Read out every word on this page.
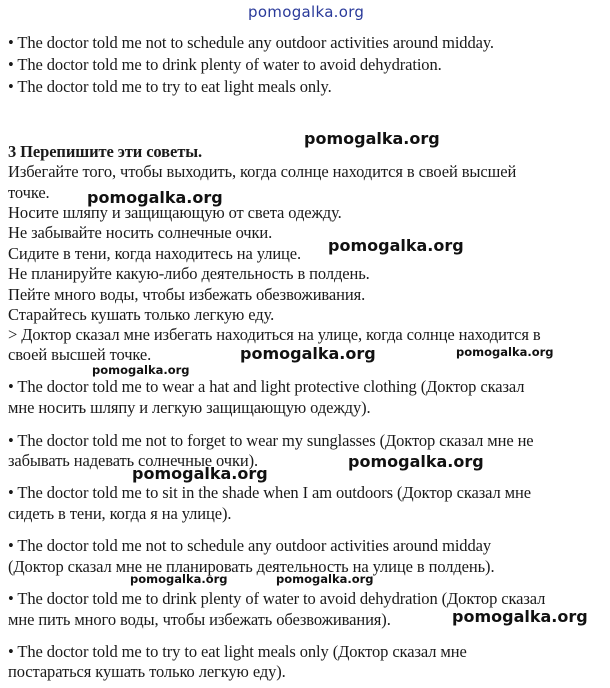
pomogalka.org
• The doctor told me not to schedule any outdoor activities around midday.
• The doctor told me to drink plenty of water to avoid dehydration.
• The doctor told me to try to eat light meals only.
3 Перепишите эти советы.
Избегайте того, чтобы выходить, когда солнце находится в своей высшей
точке.
Носите шляпу и защищающую от света одежду.
Не забывайте носить солнечные очки.
Сидите в тени, когда находитесь на улице.
Не планируйте какую-либо деятельность в полдень.
Пейте много воды, чтобы избежать обезвоживания.
Старайтесь кушать только легкую еду.
> Доктор сказал мне избегать находиться на улице, когда солнце находится в
своей высшей точке.
• The doctor told me to wear a hat and light protective clothing (Доктор сказал
мне носить шляпу и легкую защищающую одежду).
• The doctor told me not to forget to wear my sunglasses (Доктор сказал мне не
забывать надевать солнечные очки).
• The doctor told me to sit in the shade when I am outdoors (Доктор сказал мне
сидеть в тени, когда я на улице).
• The doctor told me not to schedule any outdoor activities around midday
(Доктор сказал мне не планировать деятельность на улице в полдень).
• The doctor told me to drink plenty of water to avoid dehydration (Доктор сказал
мне пить много воды, чтобы избежать обезвоживания).
• The doctor told me to try to eat light meals only (Доктор сказал мне
постараться кушать только легкую еду).
pomogalka.org
pomogalka.org
pomogalka.org
pomogalka.org	pomogalka.org
pomogalka.org
pomogalka.org
pomogalka.org
pomogalka.org	pomogalka.org
pomogalka.org
